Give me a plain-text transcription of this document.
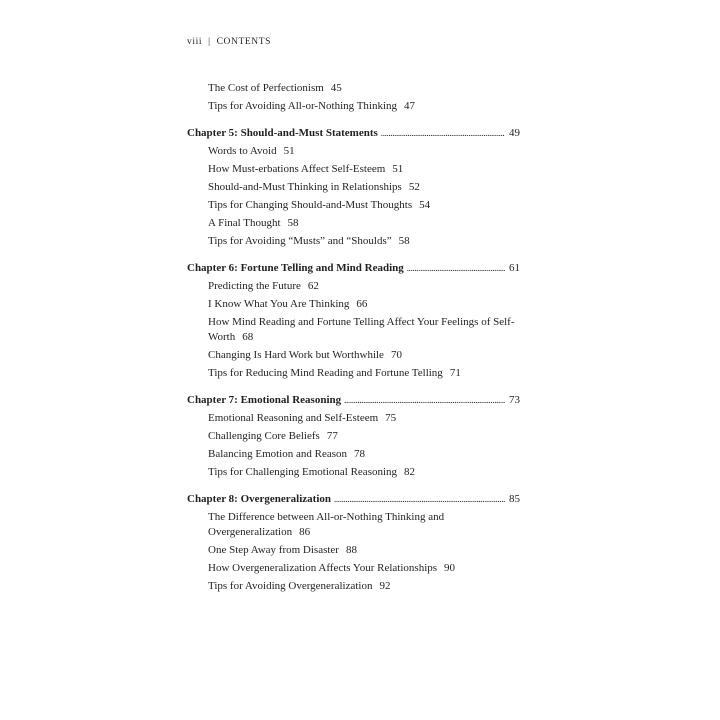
viii | CONTENTS
The Cost of Perfectionism 45
Tips for Avoiding All-or-Nothing Thinking 47
Chapter 5: Should-and-Must Statements . . .	49
Words to Avoid 51
How Must-erbations Affect Self-Esteem 51
Should-and-Must Thinking in Relationships 52
Tips for Changing Should-and-Must Thoughts 54
A Final Thought 58
Tips for Avoiding “Musts” and “Shoulds” 58
Chapter 6: Fortune Telling and Mind Reading . . .	61
Predicting the Future 62
I Know What You Are Thinking 66
How Mind Reading and Fortune Telling Affect Your Feelings of Self-Worth 68
Changing Is Hard Work but Worthwhile 70
Tips for Reducing Mind Reading and Fortune Telling 71
Chapter 7: Emotional Reasoning . . .	73
Emotional Reasoning and Self-Esteem 75
Challenging Core Beliefs 77
Balancing Emotion and Reason 78
Tips for Challenging Emotional Reasoning 82
Chapter 8: Overgeneralization . . .	85
The Difference between All-or-Nothing Thinking and Overgeneralization 86
One Step Away from Disaster 88
How Overgeneralization Affects Your Relationships 90
Tips for Avoiding Overgeneralization 92
